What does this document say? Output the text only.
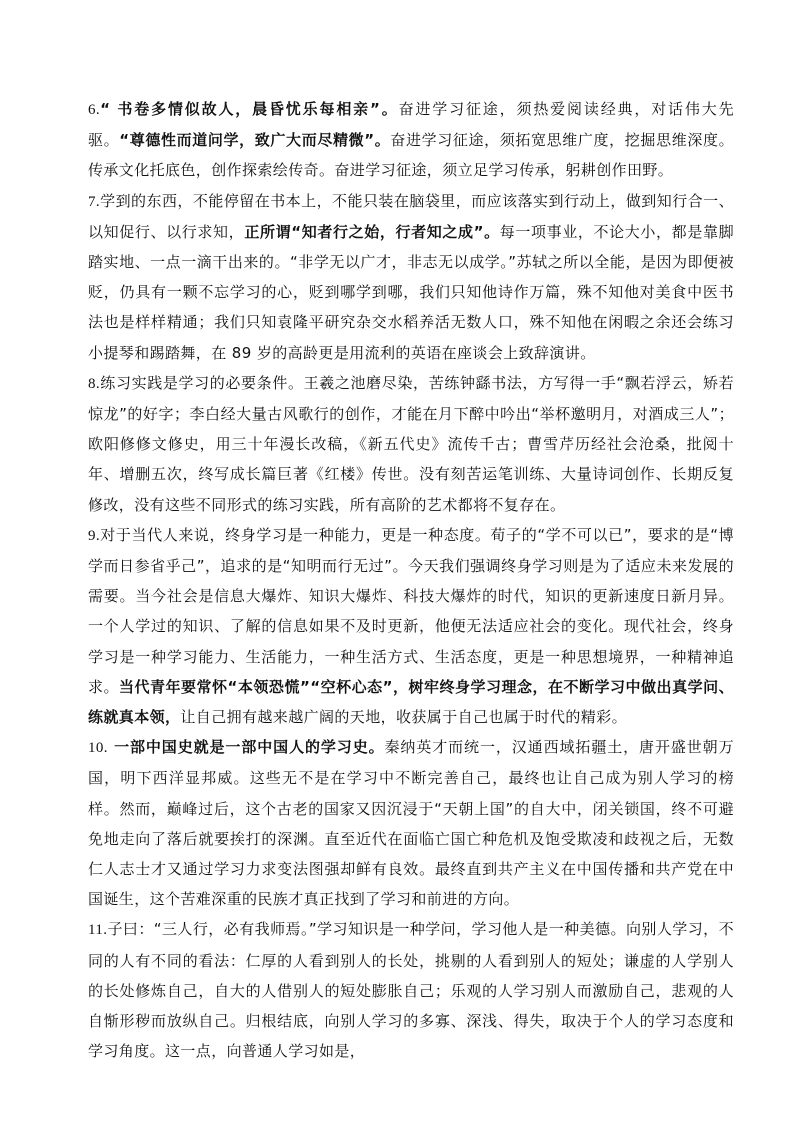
6.“ 书卷多情似故人，晨昏忧乐每相亲”。奋进学习征途，须热爱阅读经典，对话伟大先驱。“尊德性而道问学，致广大而尽精微”。奋进学习征途，须拓宽思维广度，挖掘思维深度。传承文化托底色，创作探索绘传奇。奋进学习征途，须立足学习传承，躬耕创作田野。

7.学到的东西，不能停留在书本上，不能只装在脑袋里，而应该落实到行动上，做到知行合一、以知促行、以行求知，正所谓“知者行之始，行者知之成”。每一项事业，不论大小，都是靠脚踏实地、一点一滴干出来的。“非学无以广才，非志无以成学。”苏轼之所以全能，是因为即便被贬，仍具有一颗不忘学习的心，贬到哪学到哪，我们只知他诗作万篇，殊不知他对美食中医书法也是样样精通；我们只知袁隆平研究杂交水稻养活无数人口，殊不知他在闲暇之余还会练习小提琴和踢踏舞，在 89 岁的高龄更是用流利的英语在座谈会上致辞演讲。

8.练习实践是学习的必要条件。王羲之池磨尽染，苦练钟繇书法，方写得一手“飘若浮云，矫若惊龙”的好字；李白经大量古风歌行的创作，才能在月下醉中吟出“举杯邀明月，对酒成三人”；欧阳修修文修史，用三十年漫长改稿，《新五代史》流传千古；曹雪芹历经社会沧桑，批阅十年、增删五次，终写成长篇巨著《红楼》传世。没有刻苦运笔训练、大量诗词创作、长期反复修改，没有这些不同形式的练习实践，所有高阶的艺术都将不复存在。

9.对于当代人来说，终身学习是一种能力，更是一种态度。荀子的“学不可以已”，要求的是“博学而日参省乎己”，追求的是“知明而行无过”。今天我们强调终身学习则是为了适应未来发展的需要。当今社会是信息大爆炸、知识大爆炸、科技大爆炸的时代，知识的更新速度日新月异。一个人学过的知识、了解的信息如果不及时更新，他便无法适应社会的变化。现代社会，终身学习是一种学习能力、生活能力，一种生活方式、生活态度，更是一种思想境界，一种精神追求。当代青年要常怀“本领恐慌”“空杯心态”，树牢终身学习理念，在不断学习中做出真学问、练就真本领，让自己拥有越来越广阔的天地，收获属于自己也属于时代的精彩。

10. 一部中国史就是一部中国人的学习史。秦纳英才而统一，汉通西域拓疆土，唐开盛世朝万国，明下西洋显邦威。这些无不是在学习中不断完善自己，最终也让自己成为别人学习的榜样。然而，巅峰过后，这个古老的国家又因沉浸于“天朝上国”的自大中，闭关锁国，终不可避免地走向了落后就要挨打的深渊。直至近代在面临亡国亡种危机及饱受欺凌和歧视之后，无数仁人志士才又通过学习力求变法图强却鲜有良效。最终直到共产主义在中国传播和共产党在中国诞生，这个苦难深重的民族才真正找到了学习和前进的方向。

11.子曰：“三人行，必有我师焉。”学习知识是一种学问，学习他人是一种美德。向别人学习，不同的人有不同的看法：仁厚的人看到别人的长处，挑剔的人看到别人的短处；谦虚的人学别人的长处修炼自己，自大的人借别人的短处膨胀自己；乐观的人学习别人而激励自己，悲观的人自惭形秽而放纵自己。归根结底，向别人学习的多寡、深浅、得失，取决于个人的学习态度和学习角度。这一点，向普通人学习如是，
